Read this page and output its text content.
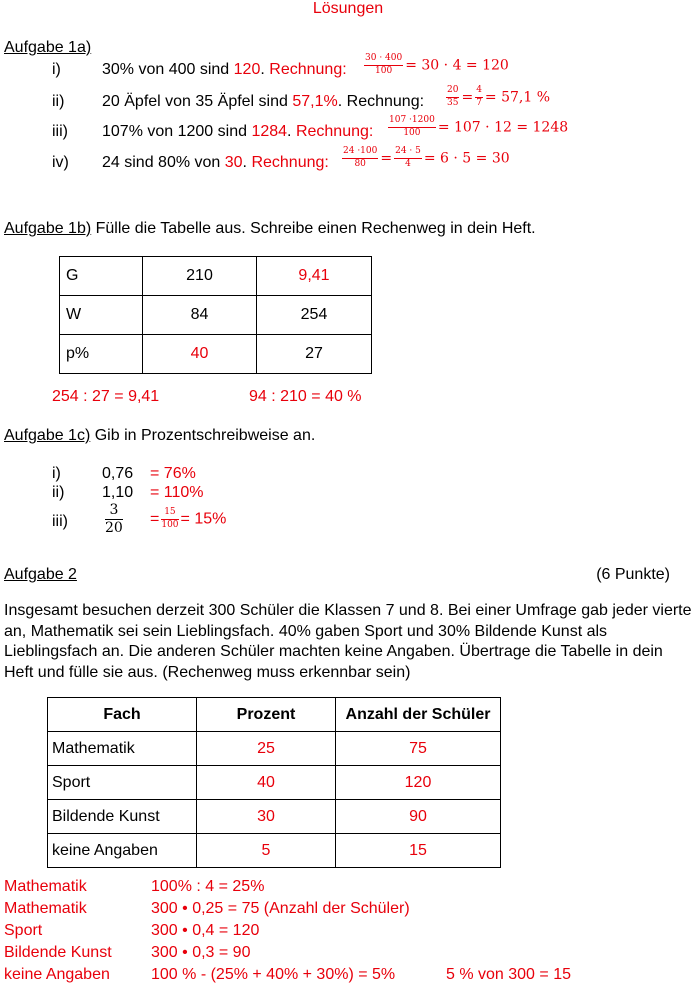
Lösungen
Aufgabe 1a)
i)	30% von 400 sind 120. Rechnung: $\frac{30 \cdot 400}{100} = 30 \cdot 4 = 120$
ii) 20 Äpfel von 35 Äpfel sind 57,1%. Rechnung: $\frac{20}{35} = \frac{4}{7} = 57,1$ %
iii) 107% von 1200 sind 1284. Rechnung: $\frac{107 \cdot 1200}{100} = 107 \cdot 12 = 1248$
iv) 24 sind 80% von 30. Rechnung: $\frac{24 \cdot 100}{80} = \frac{24 \cdot 5}{4} = 6 \cdot 5 = 30$
Aufgabe 1b) Fülle die Tabelle aus. Schreibe einen Rechenweg in dein Heft.
G	210	9,41
W	84	254
p%	40	27
254 : 27 = 9,41	94 : 210 = 40 %
Aufgabe 1c) Gib in Prozentschreibweise an.
i)	0,76 = 76%
ii) 1,10 = 110%
iii)	$\frac{3}{20} = \frac{15}{100} = 15\%$
Aufgabe 2	(6 Punkte)
Insgesamt besuchen derzeit 300 Schüler die Klassen 7 und 8. Bei einer Umfrage gab jeder vierte an, Mathematik sei sein Lieblingsfach. 40% gaben Sport und 30% Bildende Kunst als Lieblingsfach an. Die anderen Schüler machten keine Angaben. Übertrage die Tabelle in dein Heft und fülle sie aus. (Rechenweg muss erkennbar sein)
Fach	Prozent	Anzahl der Schüler
Mathematik	25	75
Sport	40	120
Bildende Kunst	30	90
keine Angaben	5	15
Mathematik	100% : 4 = 25%
Mathematik	300 • 0,25 = 75 (Anzahl der Schüler)
Sport	300 • 0,4 = 120
Bildende Kunst 300 • 0,3 = 90
keine Angaben	100 % - (25% + 40% + 30%) = 5%	5 % von 300 = 15
